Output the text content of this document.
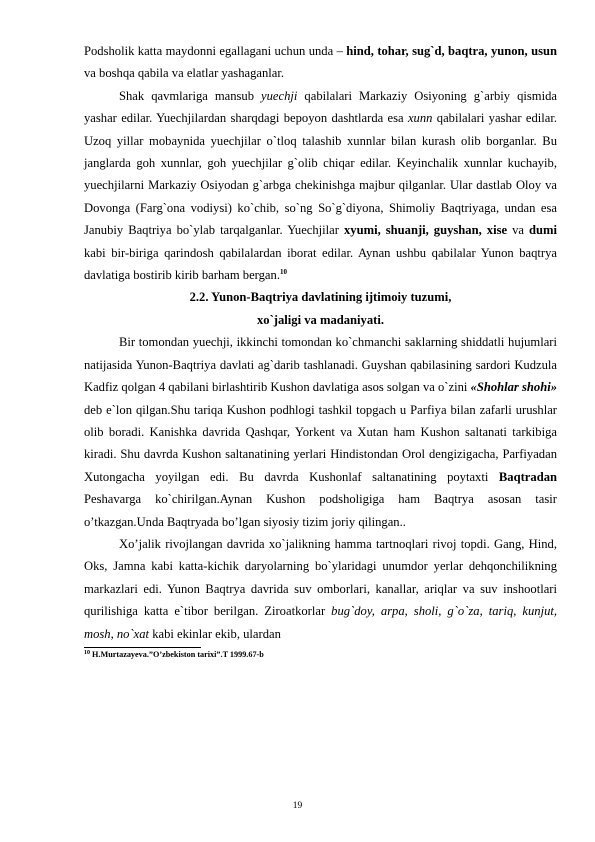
Podsholik katta maydonni egallagani uchun unda – hind, tohar, sug`d, baqtra, yunon, usun va boshqa qabila va elatlar yashaganlar.

Shak qavmlariga mansub yuechji qabilalari Markaziy Osiyoning g`arbiy qismida yashar edilar. Yuechjilardan sharqdagi bepoyon dashtlarda esa xunn qabilalari yashar edilar. Uzoq yillar mobaynida yuechjilar o`tloq talashib xunnlar bilan kurash olib borganlar. Bu janglarda goh xunnlar, goh yuechjilar g`olib chiqar edilar. Keyinchalik xunnlar kuchayib, yuechjilarni Markaziy Osiyodan g`arbga chekinishga majbur qilganlar. Ular dastlab Oloy va Dovonga (Farg`ona vodiysi) ko`chib, so`ng So`g`diyona, Shimoliy Baqtriyaga, undan esa Janubiy Baqtriya bo`ylab tarqalganlar. Yuechjilar xyumi, shuanji, guyshan, xise va dumi kabi bir-biriga qarindosh qabilalardan iborat edilar. Aynan ushbu qabilalar Yunon baqtrya davlatiga bostirib kirib barham bergan.$^{10}$

2.2. Yunon-Baqtriya davlatining ijtimoiy tuzumi,
xo`jaligi va madaniyati.

Bir tomondan yuechji, ikkinchi tomondan ko`chmanchi saklarning shiddatli hujumlari natijasida Yunon-Baqtriya davlati ag`darib tashlanadi. Guyshan qabilasining sardori Kudzula Kadfiz qolgan 4 qabilani birlashtirib Kushon davlatiga asos solgan va o`zini «Shohlar shohi» deb e`lon qilgan.Shu tariqa Kushon podhlogi tashkil topgach u Parfiya bilan zafarli urushlar olib boradi. Kanishka davrida Qashqar, Yorkent va Xutan ham Kushon saltanati tarkibiga kiradi. Shu davrda Kushon saltanatining yerlari Hindistondan Orol dengizigacha, Parfiyadan Xutongacha yoyilgan edi. Bu davrda Kushonlaf saltanatining poytaxti Baqtradan Peshavarga ko`chirilgan.Aynan Kushon podsholigiga ham Baqtrya asosan tasir o’tkazgan.Unda Baqtryada bo’lgan siyosiy tizim joriy qilingan..

Xo’jalik rivojlangan davrida xo`jalikning hamma tartnoqlari rivoj topdi. Gang, Hind, Oks, Jamna kabi katta-kichik daryolarning bo`ylaridagi unumdor yerlar dehqonchilikning markazlari edi. Yunon Baqtrya davrida suv omborlari, kanallar, ariqlar va suv inshootlari qurilishiga katta e`tibor berilgan. Ziroatkorlar bug`doy, arpa, sholi, g`o`za, tariq, kunjut, mosh, no`xat kabi ekinlar ekib, ulardan

$^{10}$ H.Murtazayeva.”O’zbekiston tarixi”.T 1999.67-b
19
